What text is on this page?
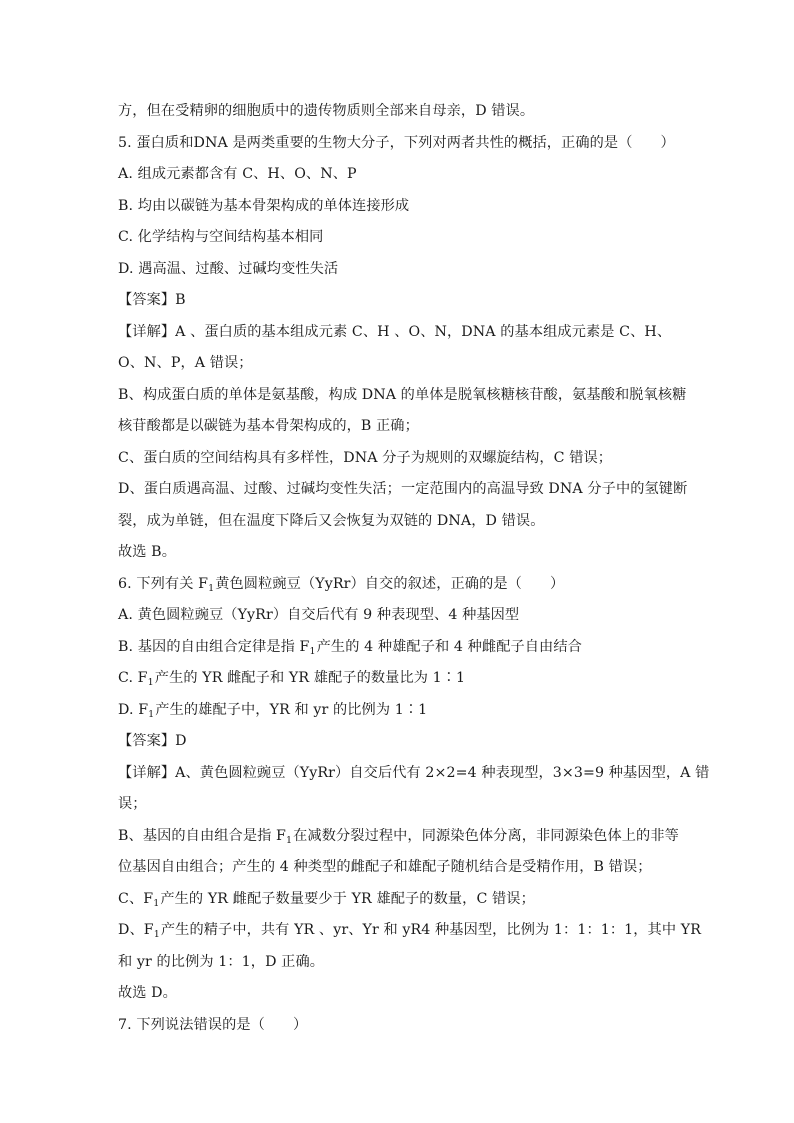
方，但在受精卵的细胞质中的遗传物质则全部来自母亲，D 错误。
5. 蛋白质和DNA 是两类重要的生物大分子，下列对两者共性的概括，正确的是（ ）
A. 组成元素都含有 C、H、O、N、P
B. 均由以碳链为基本骨架构成的单体连接形成
C. 化学结构与空间结构基本相同
D. 遇高温、过酸、过碱均变性失活
【答案】B
【详解】A 、蛋白质的基本组成元素 C、H 、O、N，DNA 的基本组成元素是 C、H、
O、N、P，A 错误；
B、构成蛋白质的单体是氨基酸，构成 DNA 的单体是脱氧核糖核苷酸，氨基酸和脱氧核糖
核苷酸都是以碳链为基本骨架构成的，B 正确；
C、蛋白质的空间结构具有多样性，DNA 分子为规则的双螺旋结构，C 错误；
D、蛋白质遇高温、过酸、过碱均变性失活；一定范围内的高温导致 DNA 分子中的氢键断
裂，成为单链，但在温度下降后又会恢复为双链的 DNA，D 错误。
故选 B。
6. 下列有关 $F_1$黄色圆粒豌豆（YyRr）自交的叙述，正确的是（ ）
A. 黄色圆粒豌豆（YyRr）自交后代有 9 种表现型、4 种基因型
B. 基因的自由组合定律是指 $F_1$产生的 4 种雄配子和 4 种雌配子自由结合
C. $F_1$产生的 YR 雌配子和 YR 雄配子的数量比为 1∶1
D. $F_1$产生的雄配子中，YR 和 yr 的比例为 1∶1
【答案】D
【详解】A、黄色圆粒豌豆（YyRr）自交后代有 2×2=4 种表现型，3×3=9 种基因型，A 错
误；
B、基因的自由组合是指 $F_1$在减数分裂过程中，同源染色体分离，非同源染色体上的非等
位基因自由组合；产生的 4 种类型的雌配子和雄配子随机结合是受精作用，B 错误；
C、$F_1$产生的 YR 雌配子数量要少于 YR 雄配子的数量，C 错误；
D、$F_1$产生的精子中，共有 YR 、yr、Yr 和 yR4 种基因型，比例为 1：1：1：1，其中 YR
和 yr 的比例为 1：1，D 正确。
故选 D。
7. 下列说法错误的是（ ）
